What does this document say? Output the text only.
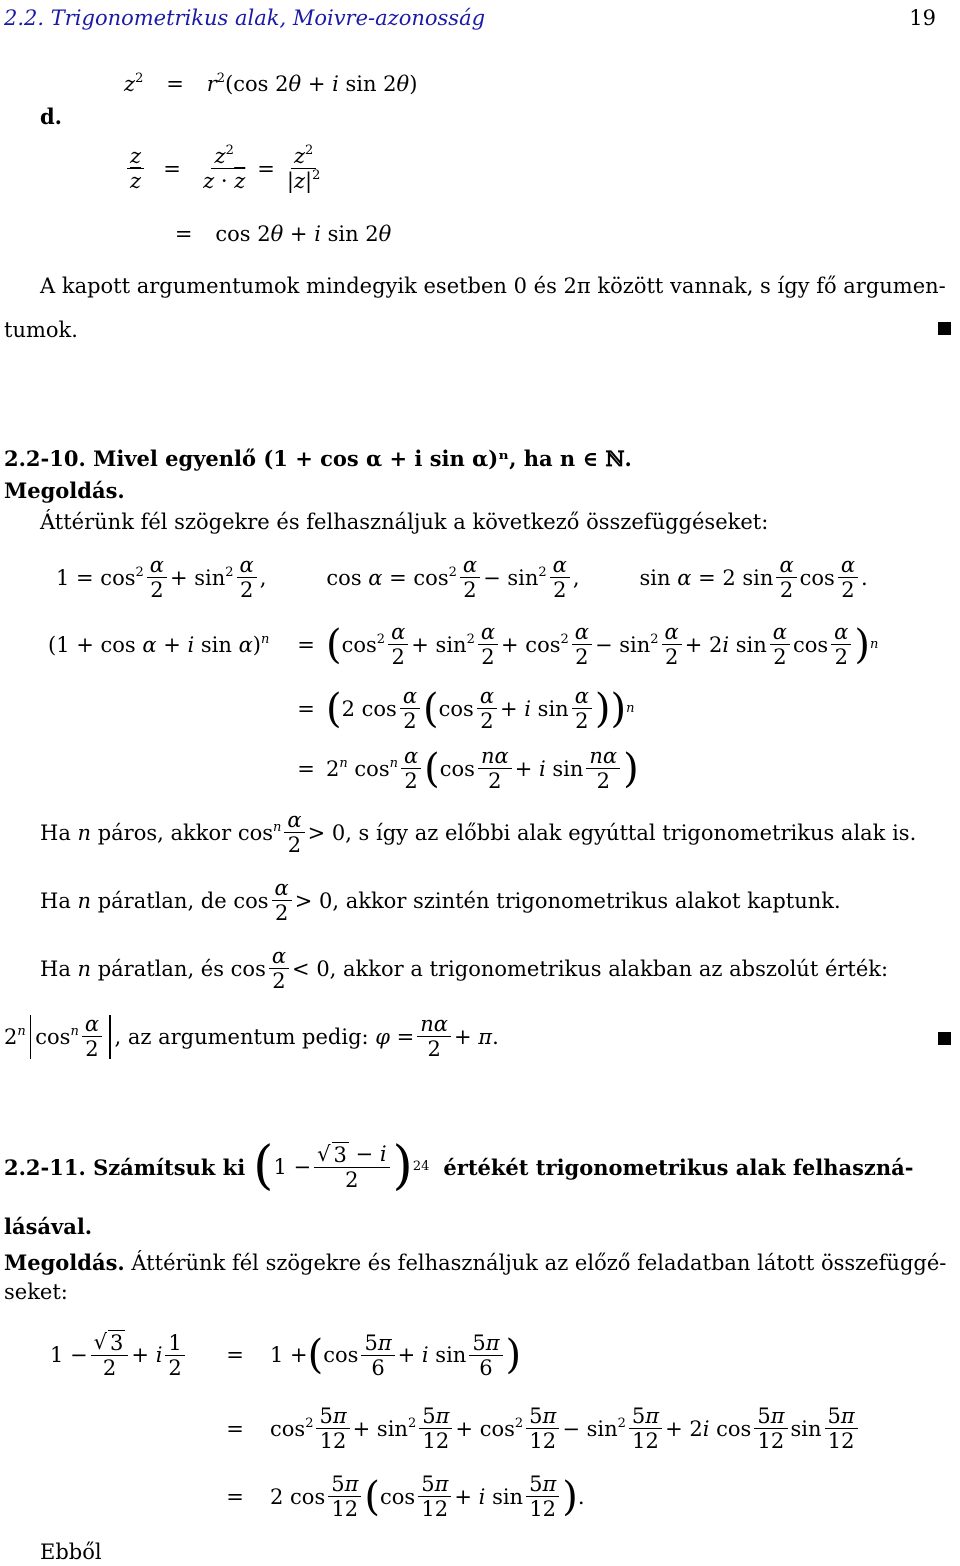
2.2. Trigonometrikus alak, Moivre-azonosság	19
d.
$z^2 = r^2(\cos$ 2θ + i sin 2θ)
$\frac{z}{z} = \frac{z^2}{z \cdot \overline{z}} = \frac{z^2}{|z|^2}$
= cos 2θ + i sin 2θ
A kapott argumentumok mindegyik esetben 0 és 2π között vannak, s így fő argumen-
tumok.
2.2-10. Mivel egyenlő (1 + cos α + i sin α)ⁿ, ha n ∈ ℕ.
Megoldás.
Áttérünk fél szögekre és felhasználjuk a következő összefüggéseket:
$1 = \cos^2 \frac{\alpha}{2} + \sin^2 \frac{\alpha}{2}$ ,	$\cos \alpha = \cos^2 \frac{\alpha}{2} - \sin^2 \frac{\alpha}{2}$ ,	sin α = 2 $\sin \frac{\alpha}{2}$ $\cos \frac{\alpha}{2}$ .
(1 + cos α + i sin α)$^n$	= ( $\cos^2 \frac{\alpha}{2} + \sin^2 \frac{\alpha}{2} + \cos^2 \frac{\alpha}{2} - \sin^2 \frac{\alpha}{2} + 2i$ $\sin \frac{\alpha}{2}$ $\cos \frac{\alpha}{2}$ ) n
= ( 2 $\cos \frac{\alpha}{2}$ ( $\cos \frac{\alpha}{2} + i$ $\sin \frac{\alpha}{2}$ )) n
= $2^n$ $\cos^n \frac{\alpha}{2}$ ( $\cos \frac{n\alpha}{2} + i$ $\sin \frac{n\alpha}{2}$ )
Ha n páros, akkor $\cos^n \frac{\alpha}{2} > 0$, s így az előbbi alak egyúttal trigonometrikus alak is.
Ha n páratlan, de $\cos \frac{\alpha}{2} > 0$, akkor szintén trigonometrikus alakot kaptunk.
Ha n páratlan, és $\cos \frac{\alpha}{2} < 0$, akkor a trigonometrikus alakban az abszolút érték:
2$^n$ $\cos^n \frac{\alpha}{2}$ , az argumentum pedig: $\varphi = \frac{n\alpha}{2} + \pi$.
2.2-11. Számítsuk ki ( $1 - \frac{√ 3 - i}{2}$ ) 24 értékét trigonometrikus alak felhaszná-
lásával.
Megoldás. Áttérünk fél szögekre és felhasználjuk az előző feladatban látott összefüggé-
seket:
$1 - \frac{√ 3}{2} + i \frac{1}{2}$	=	1 + ( $\cos \frac{5\pi}{6} + i$ $\sin \frac{5\pi}{6}$ )
=	$\cos^2 \frac{5\pi}{12} + \sin^2 \frac{5\pi}{12} + \cos^2 \frac{5\pi}{12} - \sin^2 \frac{5\pi}{12} + 2i$ $\cos \frac{5\pi}{12}$ $\sin \frac{5\pi}{12}$
=	2 $\cos \frac{5\pi}{12}$ ( $\cos \frac{5\pi}{12} + i$ $\sin \frac{5\pi}{12}$ ) .
Ebből
